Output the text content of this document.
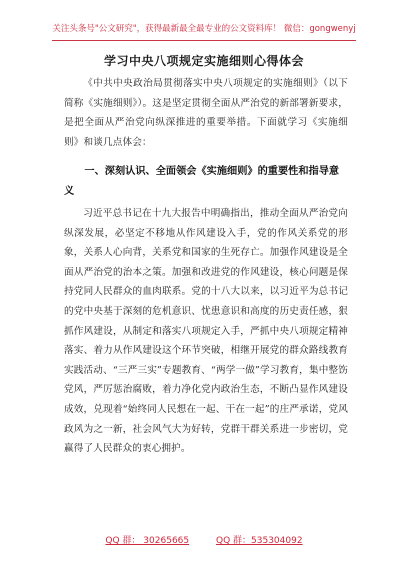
关注头条号"公文研究"，获得最新最全最专业的公文资料库！ 微信：gongwenyj
学习中央八项规定实施细则心得体会

《中共中央政治局贯彻落实中央八项规定的实施细则》（以下简称《实施细则》）。这是坚定贯彻全面从严治党的新部署新要求，是把全面从严治党向纵深推进的重要举措。下面就学习《实施细则》和谈几点体会：

一、深刻认识、全面领会《实施细则》的重要性和指导意义

习近平总书记在十九大报告中明确指出，推动全面从严治党向纵深发展，必坚定不移地从作风建设入手，党的作风关系党的形象，关系人心向背，关系党和国家的生死存亡。加强作风建设是全面从严治党的治本之策。加强和改进党的作风建设，核心问题是保持党同人民群众的血肉联系。党的十八大以来，以习近平为总书记的党中央基于深刻的危机意识、忧患意识和高度的历史责任感，狠抓作风建设，从制定和落实八项规定入手，严抓中央八项规定精神落实、着力从作风建设这个环节突破，相继开展党的群众路线教育实践活动、“三严三实”专题教育、“两学一做”学习教育，集中整饬党风，严厉惩治腐败，着力净化党内政治生态，不断凸显作风建设成效，兑现着“始终同人民想在一起、干在一起”的庄严承诺，党风政风为之一新，社会风气大为好转，党群干群关系进一步密切，党赢得了人民群众的衷心拥护。

QQ 群： 30265665	QQ 群：535304092
